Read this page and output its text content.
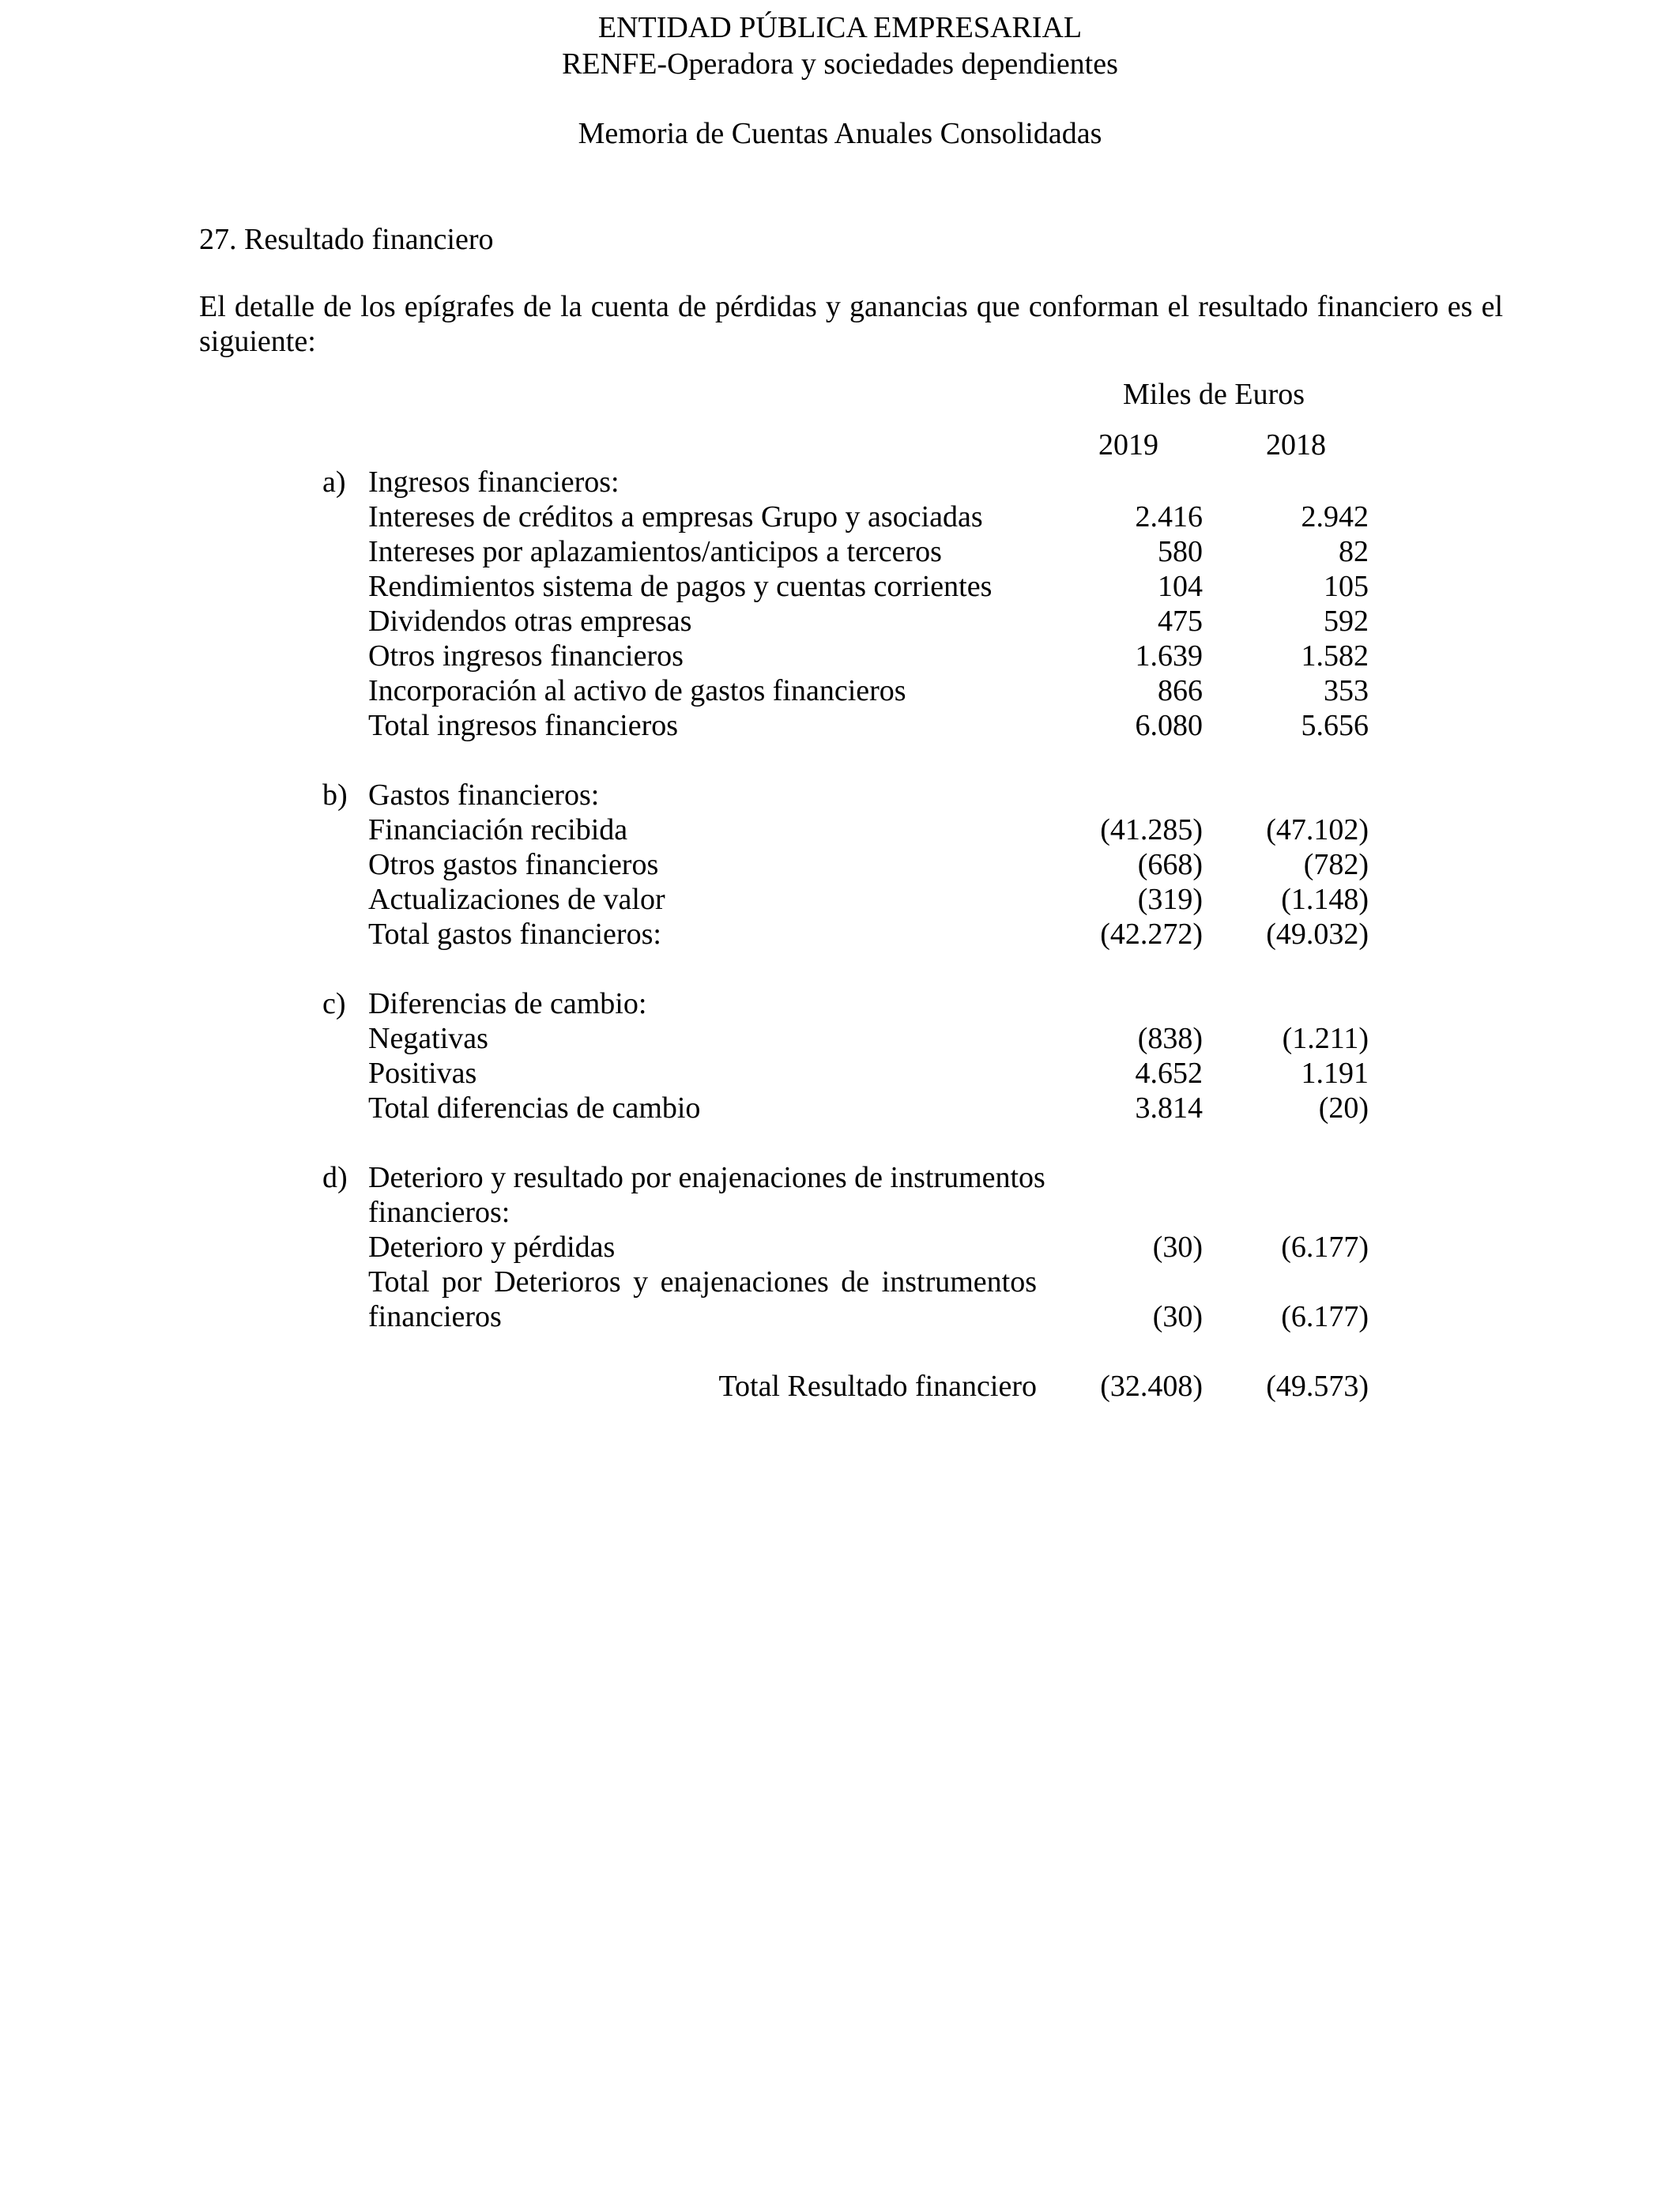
ENTIDAD PÚBLICA EMPRESARIAL
RENFE-Operadora y sociedades dependientes
Memoria de Cuentas Anuales Consolidadas
27. Resultado financiero
El detalle de los epígrafes de la cuenta de pérdidas y ganancias que conforman el resultado financiero es el siguiente:
Miles de Euros
2019	2018
a) Ingresos financieros:
Intereses de créditos a empresas Grupo y asociadas	2.416	2.942
Intereses por aplazamientos/anticipos a terceros	580	82
Rendimientos sistema de pagos y cuentas corrientes	104	105
Dividendos otras empresas	475	592
Otros ingresos financieros	1.639	1.582
Incorporación al activo de gastos financieros	866	353
Total ingresos financieros	6.080	5.656
b) Gastos financieros:
Financiación recibida	(41.285) (47.102)
Otros gastos financieros	(668)	(782)
Actualizaciones de valor	(319)	(1.148)
Total gastos financieros:	(42.272) (49.032)
c) Diferencias de cambio:
Negativas	(838)	(1.211)
Positivas	4.652	1.191
Total diferencias de cambio	3.814	(20)
d) Deterioro y resultado por enajenaciones de instrumentos
financieros:
Deterioro y pérdidas	(30)	(6.177)
Total por Deterioros y enajenaciones de instrumentos
financieros	(30)	(6.177)
Total Resultado financiero (32.408) (49.573)
